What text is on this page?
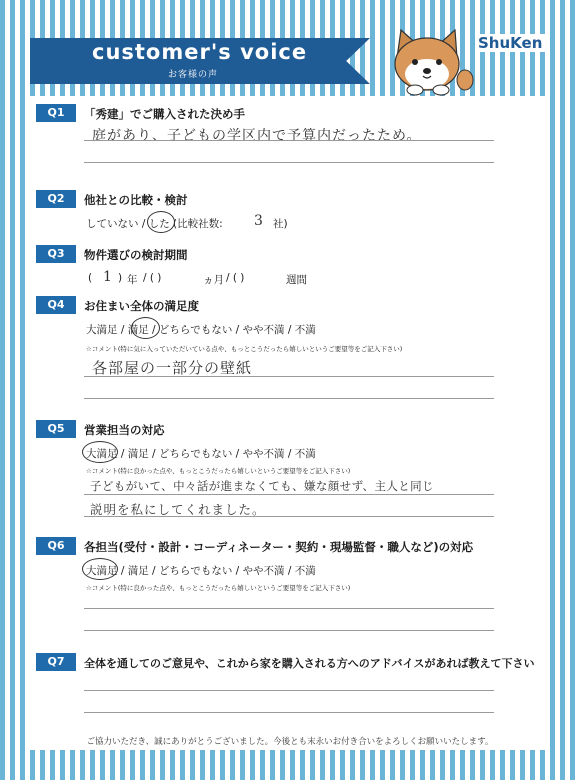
customer's voice
お客様の声
ShuKen
Q1	「秀建」でご購入された決め手
庭があり、子どもの学区内で予算内だったため。
Q2	他社との比較・検討
していない / した (比較社数: 3 社)
Q3	物件選びの検討期間
( 1 ) 年 / ( )	ヵ月 / ( )	週間
Q4	お住まい全体の満足度
大満足 / 満足 / どちらでもない / やや不満 / 不満
☆コメント(特に気に入っていただいている点や、もっとこうだったら嬉しいというご要望等をご記入下さい)
各部屋の一部分の壁紙
Q5	営業担当の対応
大満足 / 満足 / どちらでもない / やや不満 / 不満
☆コメント(特に良かった点や、もっとこうだったら嬉しいというご要望等をご記入下さい)
子どもがいて、中々話が進まなくても、嫌な顔せず、主人と同じ
説明を私にしてくれました。
Q6	各担当(受付・設計・コーディネーター・契約・現場監督・職人など)の対応
大満足 / 満足 / どちらでもない / やや不満 / 不満
☆コメント(特に良かった点や、もっとこうだったら嬉しいというご要望等をご記入下さい)
Q7	全体を通してのご意見や、これから家を購入される方へのアドバイスがあれば教えて下さい
ご協力いただき、誠にありがとうございました。今後とも末永いお付き合いをよろしくお願いいたします。
